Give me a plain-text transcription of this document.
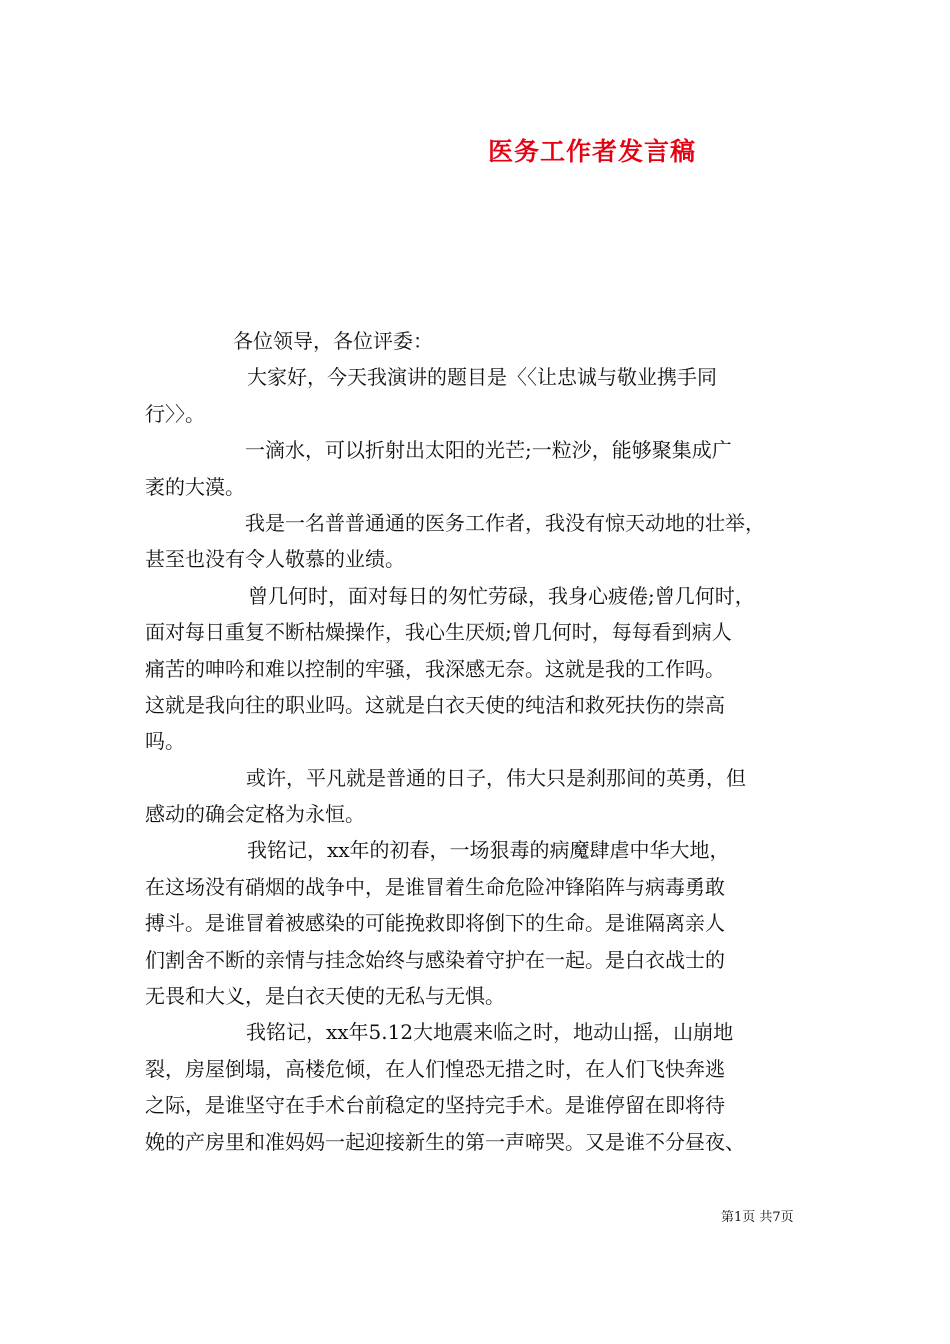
医务工作者发言稿
各位领导，各位评委：
大家好，今天我演讲的题目是〈〈让忠诚与敬业携手同
行〉〉。
一滴水，可以折射出太阳的光芒;一粒沙，能够聚集成广
袤的大漠。
我是一名普普通通的医务工作者，我没有惊天动地的壮举，
甚至也没有令人敬慕的业绩。
曾几何时，面对每日的匆忙劳碌，我身心疲倦;曾几何时，
面对每日重复不断枯燥操作，我心生厌烦;曾几何时，每每看到病人
痛苦的呻吟和难以控制的牢骚，我深感无奈。这就是我的工作吗。
这就是我向往的职业吗。这就是白衣天使的纯洁和救死扶伤的崇高
吗。
或许，平凡就是普通的日子，伟大只是刹那间的英勇，但
感动的确会定格为永恒。
我铭记，xx年的初春，一场狠毒的病魔肆虐中华大地，
在这场没有硝烟的战争中，是谁冒着生命危险冲锋陷阵与病毒勇敢
搏斗。是谁冒着被感染的可能挽救即将倒下的生命。是谁隔离亲人
们割舍不断的亲情与挂念始终与感染着守护在一起。是白衣战士的
无畏和大义，是白衣天使的无私与无惧。
我铭记，xx年5.12大地震来临之时，地动山摇，山崩地
裂，房屋倒塌，高楼危倾，在人们惶恐无措之时，在人们飞快奔逃
之际，是谁坚守在手术台前稳定的坚持完手术。是谁停留在即将待
娩的产房里和准妈妈一起迎接新生的第一声啼哭。又是谁不分昼夜、
第1页 共7页
